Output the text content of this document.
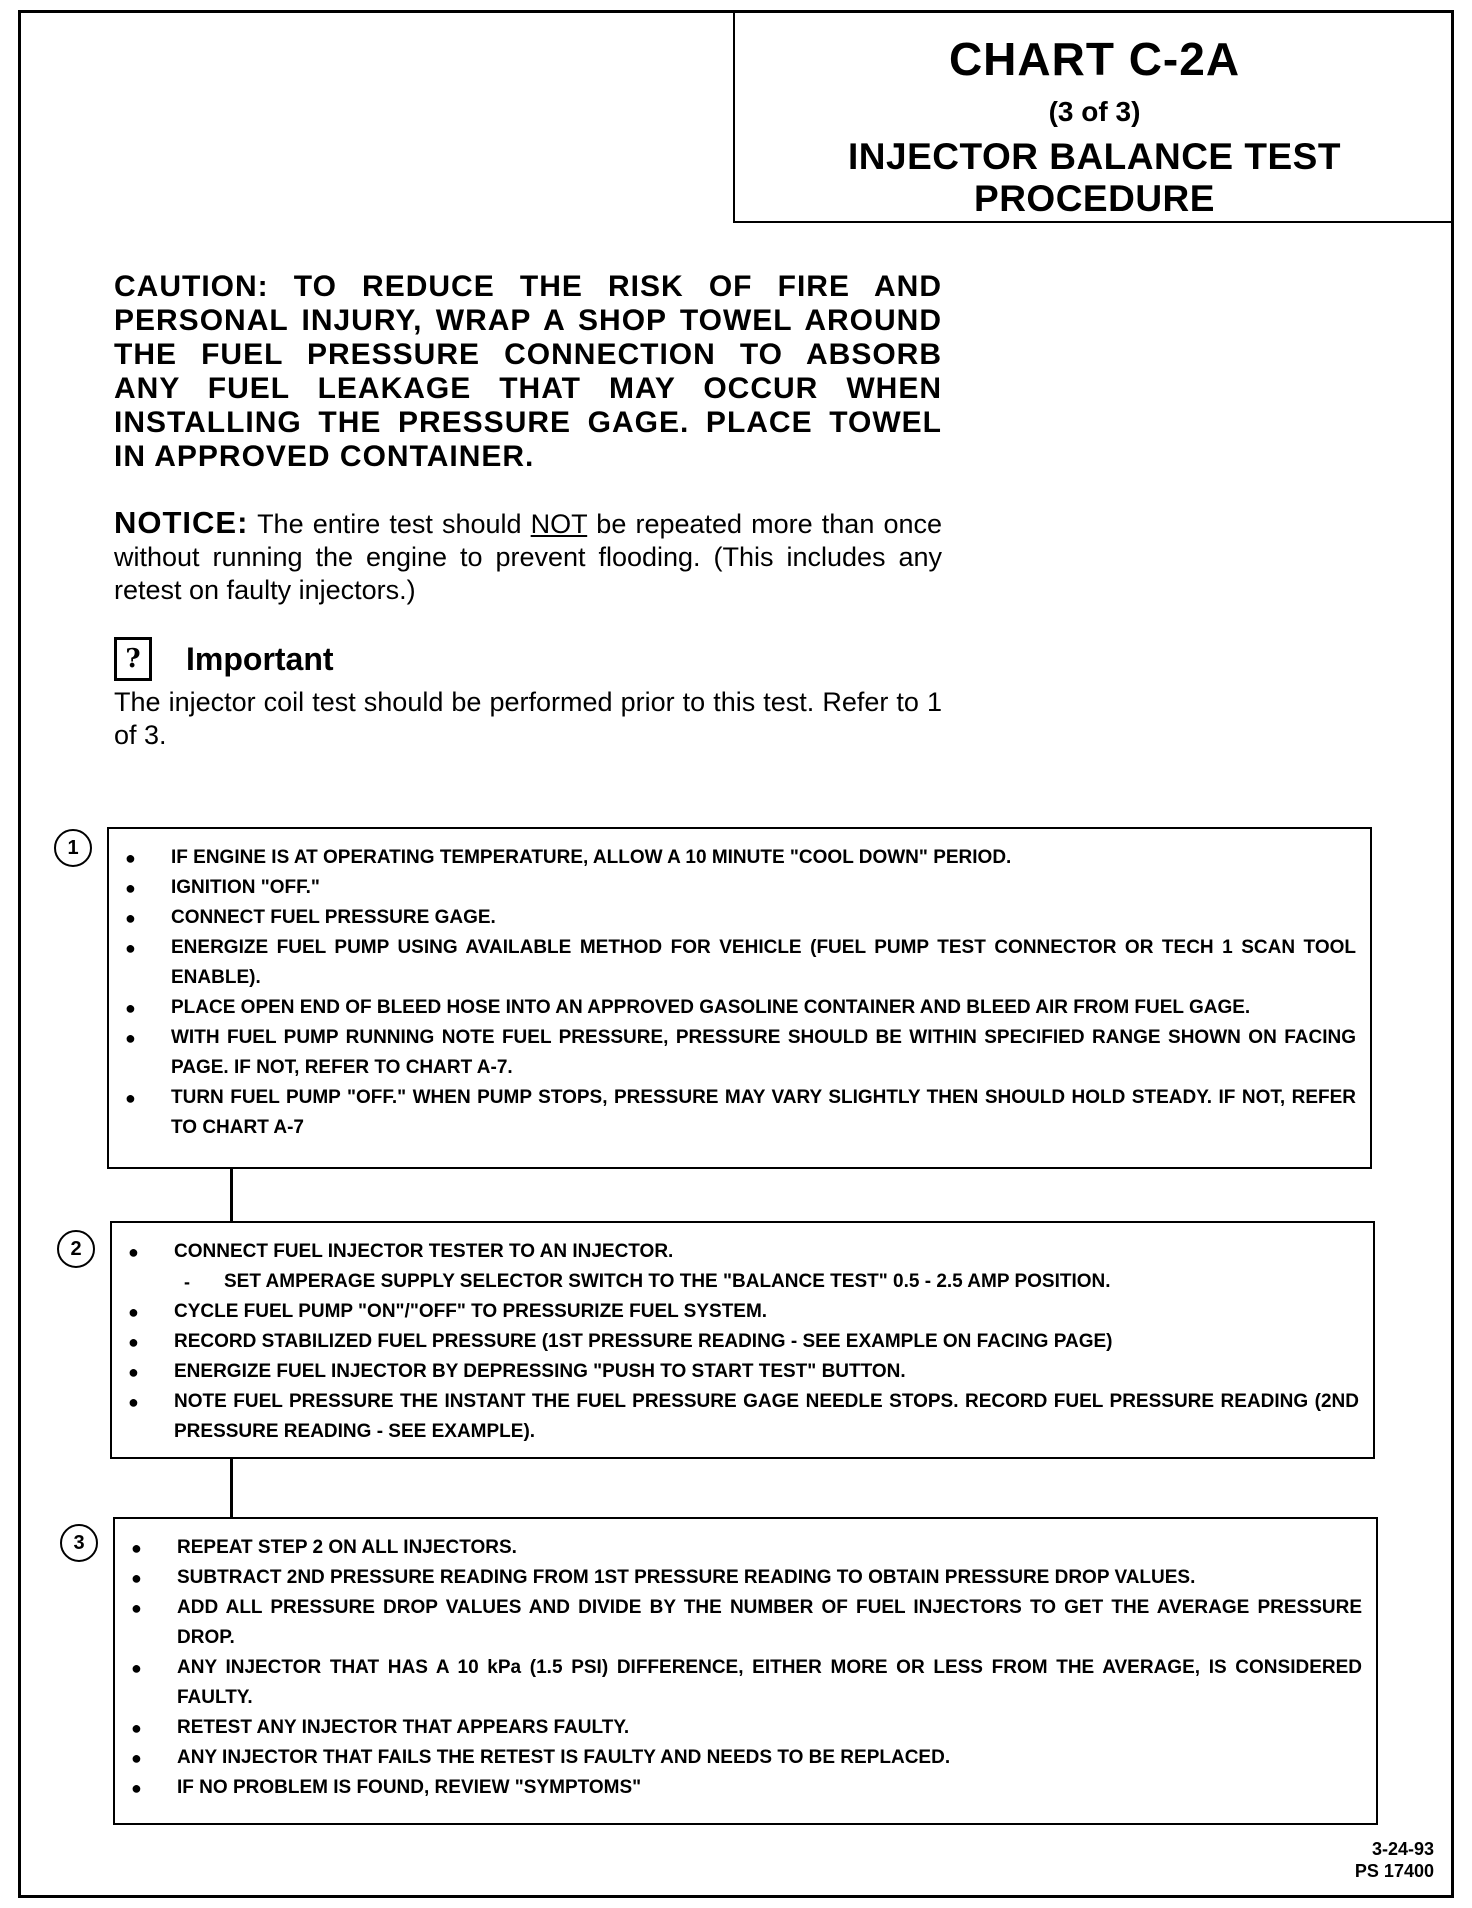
CHART C-2A
(3 of 3)
INJECTOR BALANCE TEST PROCEDURE

CAUTION: TO REDUCE THE RISK OF FIRE AND PERSONAL INJURY, WRAP A SHOP TOWEL AROUND THE FUEL PRESSURE CONNECTION TO ABSORB ANY FUEL LEAKAGE THAT MAY OCCUR WHEN INSTALLING THE PRESSURE GAGE. PLACE TOWEL IN APPROVED CONTAINER.

NOTICE: The entire test should NOT be repeated more than once without running the engine to prevent flooding. (This includes any retest on faulty injectors.)

?	Important

The injector coil test should be performed prior to this test. Refer to 1 of 3.

1	● IF ENGINE IS AT OPERATING TEMPERATURE, ALLOW A 10 MINUTE "COOL DOWN" PERIOD.
● IGNITION "OFF."
● CONNECT FUEL PRESSURE GAGE.
● ENERGIZE FUEL PUMP USING AVAILABLE METHOD FOR VEHICLE (FUEL PUMP TEST CONNECTOR OR TECH 1 SCAN TOOL ENABLE).
● PLACE OPEN END OF BLEED HOSE INTO AN APPROVED GASOLINE CONTAINER AND BLEED AIR FROM FUEL GAGE.
● WITH FUEL PUMP RUNNING NOTE FUEL PRESSURE, PRESSURE SHOULD BE WITHIN SPECIFIED RANGE SHOWN ON FACING PAGE. IF NOT, REFER TO CHART A-7.
● TURN FUEL PUMP "OFF." WHEN PUMP STOPS, PRESSURE MAY VARY SLIGHTLY THEN SHOULD HOLD STEADY. IF NOT, REFER TO CHART A-7
2	● CONNECT FUEL INJECTOR TESTER TO AN INJECTOR.
- SET AMPERAGE SUPPLY SELECTOR SWITCH TO THE "BALANCE TEST" 0.5 - 2.5 AMP POSITION.
● CYCLE FUEL PUMP "ON"/"OFF" TO PRESSURIZE FUEL SYSTEM.
● RECORD STABILIZED FUEL PRESSURE (1ST PRESSURE READING - SEE EXAMPLE ON FACING PAGE)
● ENERGIZE FUEL INJECTOR BY DEPRESSING "PUSH TO START TEST" BUTTON.
● NOTE FUEL PRESSURE THE INSTANT THE FUEL PRESSURE GAGE NEEDLE STOPS. RECORD FUEL PRESSURE READING (2ND PRESSURE READING - SEE EXAMPLE).
3	● REPEAT STEP 2 ON ALL INJECTORS.
● SUBTRACT 2ND PRESSURE READING FROM 1ST PRESSURE READING TO OBTAIN PRESSURE DROP VALUES.
● ADD ALL PRESSURE DROP VALUES AND DIVIDE BY THE NUMBER OF FUEL INJECTORS TO GET THE AVERAGE PRESSURE DROP.
● ANY INJECTOR THAT HAS A 10 kPa (1.5 PSI) DIFFERENCE, EITHER MORE OR LESS FROM THE AVERAGE, IS CONSIDERED FAULTY.
● RETEST ANY INJECTOR THAT APPEARS FAULTY.
● ANY INJECTOR THAT FAILS THE RETEST IS FAULTY AND NEEDS TO BE REPLACED.
● IF NO PROBLEM IS FOUND, REVIEW "SYMPTOMS"
3-24-93
PS 17400
